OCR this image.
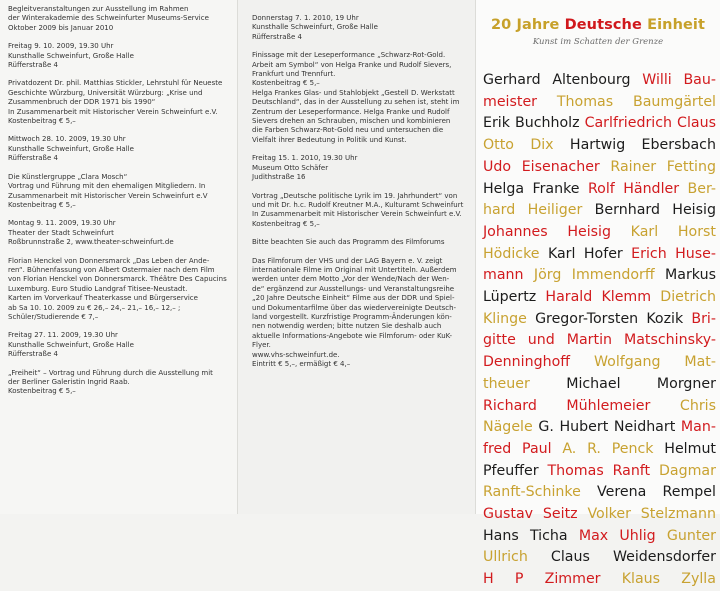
Begleitveranstaltungen zur Ausstellung im Rahmen

der Winterakademie des Schweinfurter Museums-Service

Oktober 2009 bis Januar 2010

Freitag 9. 10. 2009, 19.30 Uhr

Kunsthalle Schweinfurt, Große Halle

Rüfferstraße 4

Privatdozent Dr. phil. Matthias Stickler, Lehrstuhl für Neueste

Geschichte Würzburg, Universität Würzburg: „Krise und

Zusammenbruch der DDR 1971 bis 1990“

In Zusammenarbeit mit Historischer Verein Schweinfurt e.V.

Kostenbeitrag € 5,–

Mittwoch 28. 10. 2009, 19.30 Uhr

Kunsthalle Schweinfurt, Große Halle

Rüfferstraße 4

Die Künstlergruppe „Clara Mosch“

Vortrag und Führung mit den ehemaligen Mitgliedern. In

Zusammenarbeit mit Historischer Verein Schweinfurt e.V

Kostenbeitrag € 5,–

Montag 9. 11. 2009, 19.30 Uhr

Theater der Stadt Schweinfurt

Roßbrunnstraße 2, www.theater-schweinfurt.de

Florian Henckel von Donnersmarck „Das Leben der Ande-

ren“. Bühnenfassung von Albert Ostermaier nach dem Film

von Florian Henckel von Donnersmarck. Théâtre Des Capucins

Luxemburg. Euro Studio Landgraf Titisee-Neustadt.

Karten im Vorverkauf Theaterkasse und Bürgerservice

ab Sa 10. 10. 2009 zu € 26,– 24,– 21,– 16,– 12,– ;

Schüler/Studierende € 7,–

Freitag 27. 11. 2009, 19.30 Uhr

Kunsthalle Schweinfurt, Große Halle

Rüfferstraße 4

„Freiheit“ – Vortrag und Führung durch die Ausstellung mit

der Berliner Galeristin Ingrid Raab.

Kostenbeitrag € 5,–

Donnerstag 7. 1. 2010, 19 Uhr

Kunsthalle Schweinfurt, Große Halle

Rüfferstraße 4

Finissage mit der Leseperformance „Schwarz-Rot-Gold.

Arbeit am Symbol“ von Helga Franke und Rudolf Sievers,

Frankfurt und Trennfurt.

Kostenbeitrag € 5,–

Helga Frankes Glas- und Stahlobjekt „Gestell D. Werkstatt

Deutschland“, das in der Ausstellung zu sehen ist, steht im

Zentrum der Leseperformance. Helga Franke und Rudolf

Sievers drehen an Schrauben, mischen und kombinieren

die Farben Schwarz-Rot-Gold neu und untersuchen die

Vielfalt ihrer Bedeutung in Politik und Kunst.

Freitag 15. 1. 2010, 19.30 Uhr

Museum Otto Schäfer

Judithstraße 16

Vortrag „Deutsche politische Lyrik im 19. Jahrhundert“ von

und mit Dr. h.c. Rudolf Kreutner M.A., Kulturamt Schweinfurt

In Zusammenarbeit mit Historischer Verein Schweinfurt e.V.

Kostenbeitrag € 5,–

Bitte beachten Sie auch das Programm des Filmforums

Das Filmforum der VHS und der LAG Bayern e. V. zeigt

internationale Filme im Original mit Untertiteln. Außerdem

werden unter dem Motto „Vor der Wende/Nach der Wen-

de“ ergänzend zur Ausstellungs- und Veranstaltungsreihe

„20 Jahre Deutsche Einheit“ Filme aus der DDR und Spiel-

und Dokumentarfilme über das wiedervereinigte Deutsch-

land vorgestellt. Kurzfristige Programm-Änderungen kön-

nen notwendig werden; bitte nutzen Sie deshalb auch

aktuelle Informations-Angebote wie Filmforum- oder KuK-

Flyer.

www.vhs-schweinfurt.de.

Eintritt € 5,–, ermäßigt € 4,–

20 Jahre Deutsche Einheit
Kunst im Schatten der Grenze
Gerhard Altenbourg Willi Bau-
meister Thomas Baumgärtel
Erik Buchholz Carlfriedrich Claus
Otto Dix Hartwig Ebersbach
Udo Eisenacher Rainer Fetting
Helga Franke Rolf Händler Ber-
hard Heiliger Bernhard Heisig
Johannes Heisig Karl Horst
Hödicke Karl Hofer Erich Huse-
mann Jörg Immendorff Markus
Lüpertz Harald Klemm Dietrich
Klinge Gregor-Torsten Kozik Bri-
gitte und Martin Matschinsky-
Denninghoff Wolfgang Mat-
theuer	Michael	Morgner
Richard Mühlemeier Chris
Nägele G. Hubert Neidhart Man-
fred Paul A. R. Penck Helmut
Pfeuffer Thomas Ranft Dagmar
Ranft-Schinke Verena Rempel
Gustav Seitz Volker Stelzmann
Hans Ticha Max Uhlig Gunter
Ullrich Claus Weidensdorfer
H P Zimmer Klaus Zylla
